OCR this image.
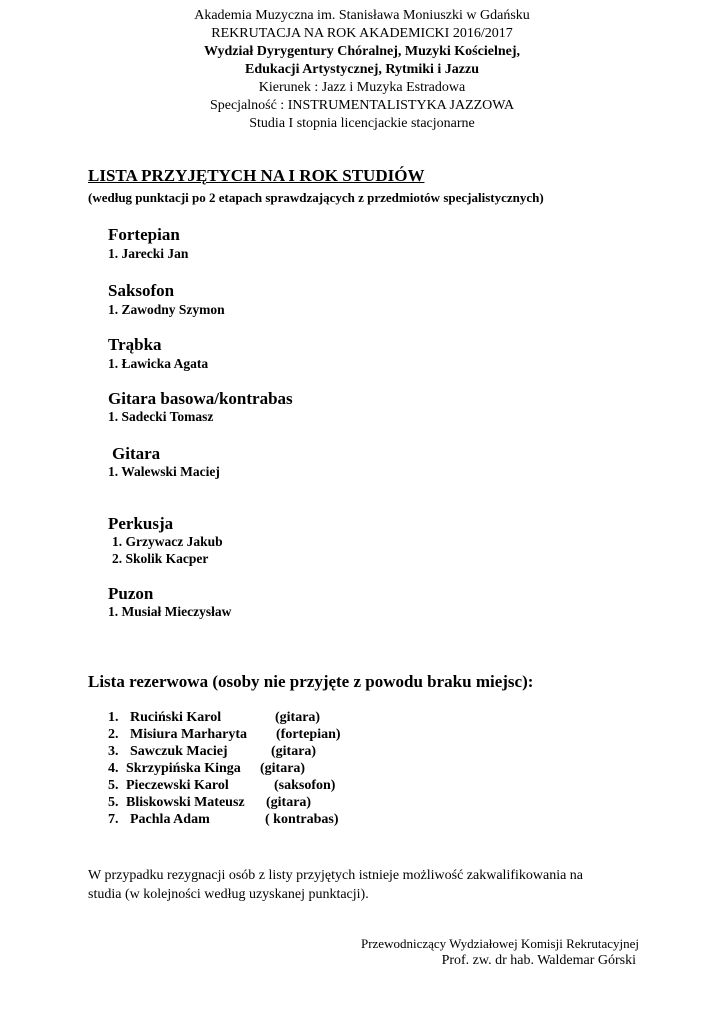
Akademia Muzyczna im. Stanisława Moniuszki w Gdańsku
REKRUTACJA NA ROK AKADEMICKI 2016/2017
Wydział Dyrygentury Chóralnej, Muzyki Kościelnej,
Edukacji Artystycznej, Rytmiki i Jazzu
Kierunek : Jazz i Muzyka Estradowa
Specjalność : INSTRUMENTALISTYKA JAZZOWA
Studia I stopnia licencjackie stacjonarne
LISTA PRZYJĘTYCH NA I ROK STUDIÓW
(według punktacji po 2 etapach sprawdzających z przedmiotów specjalistycznych)
Fortepian
1. Jarecki Jan
Saksofon
1. Zawodny Szymon
Trąbka
1. Ławicka Agata
Gitara basowa/kontrabas
1. Sadecki Tomasz
Gitara
1. Walewski Maciej
Perkusja
1. Grzywacz Jakub
2. Skolik Kacper
Puzon
1. Musiał Mieczysław
Lista rezerwowa (osoby nie przyjęte z powodu braku miejsc):
1. Ruciński Karol	(gitara)
2. Misiura Marharyta (fortepian)
3. Sawczuk Maciej	(gitara)
4. Skrzypińska Kinga (gitara)
5. Pieczewski Karol	(saksofon)
5. Bliskowski Mateusz (gitara)
7. Pachla Adam	( kontrabas)
W przypadku rezygnacji osób z listy przyjętych istnieje możliwość zakwalifikowania na
studia (w kolejności według uzyskanej punktacji).
Przewodniczący Wydziałowej Komisji Rekrutacyjnej
Prof. zw. dr hab. Waldemar Górski
